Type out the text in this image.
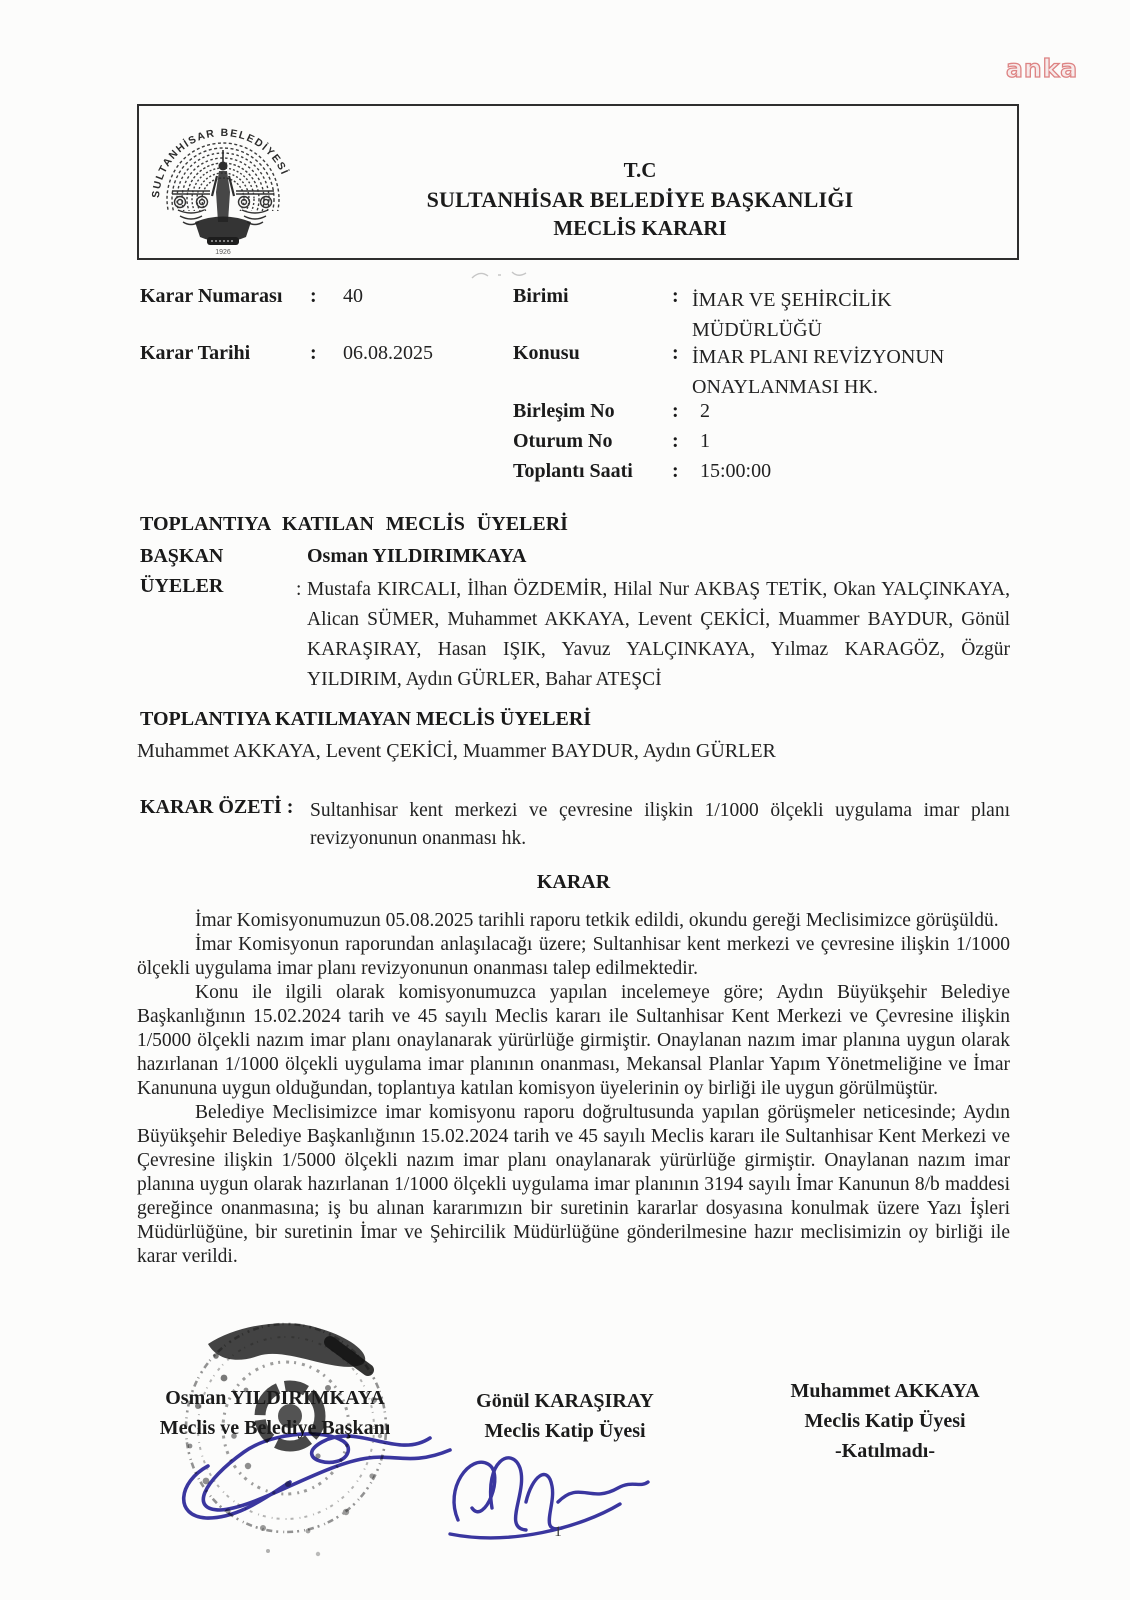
anka
SULTANHİSAR BELEDİYESİ
1926
T.C
SULTANHİSAR BELEDİYE BAŞKANLIĞI
MECLİS KARARI
Karar Numarası : 40
Karar Tarihi	: 06.08.2025
Birimi	: İMAR VE ŞEHİRCİLİK MÜDÜRLÜĞÜ
Konusu	: İMAR PLANI REVİZYONUN ONAYLANMASI HK.
Birleşim No	: 2
Oturum No	: 1
Toplantı Saati : 15:00:00
TOPLANTIYA KATILAN MECLİS ÜYELERİ
BAŞKAN	Osman YILDIRIMKAYA
ÜYELER	: Mustafa KIRCALI, İlhan ÖZDEMİR, Hilal Nur AKBAŞ TETİK, Okan YALÇINKAYA, Alican SÜMER, Muhammet AKKAYA, Levent ÇEKİCİ, Muammer BAYDUR, Gönül KARAŞIRAY, Hasan IŞIK, Yavuz YALÇINKAYA, Yılmaz KARAGÖZ, Özgür YILDIRIM, Aydın GÜRLER, Bahar ATEŞCİ
TOPLANTIYA KATILMAYAN MECLİS ÜYELERİ
Muhammet AKKAYA, Levent ÇEKİCİ, Muammer BAYDUR, Aydın GÜRLER
KARAR ÖZETİ : Sultanhisar kent merkezi ve çevresine ilişkin 1/1000 ölçekli uygulama imar planı revizyonunun onanması hk.
KARAR

İmar Komisyonumuzun 05.08.2025 tarihli raporu tetkik edildi, okundu gereği Meclisimizce görüşüldü.

İmar Komisyonun raporundan anlaşılacağı üzere; Sultanhisar kent merkezi ve çevresine ilişkin 1/1000 ölçekli uygulama imar planı revizyonunun onanması talep edilmektedir.

Konu ile ilgili olarak komisyonumuzca yapılan incelemeye göre; Aydın Büyükşehir Belediye Başkanlığının 15.02.2024 tarih ve 45 sayılı Meclis kararı ile Sultanhisar Kent Merkezi ve Çevresine ilişkin 1/5000 ölçekli nazım imar planı onaylanarak yürürlüğe girmiştir. Onaylanan nazım imar planına uygun olarak hazırlanan 1/1000 ölçekli uygulama imar planının onanması, Mekansal Planlar Yapım Yönetmeliğine ve İmar Kanununa uygun olduğundan, toplantıya katılan komisyon üyelerinin oy birliği ile uygun görülmüştür.

Belediye Meclisimizce imar komisyonu raporu doğrultusunda yapılan görüşmeler neticesinde; Aydın Büyükşehir Belediye Başkanlığının 15.02.2024 tarih ve 45 sayılı Meclis kararı ile Sultanhisar Kent Merkezi ve Çevresine ilişkin 1/5000 ölçekli nazım imar planı onaylanarak yürürlüğe girmiştir. Onaylanan nazım imar planına uygun olarak hazırlanan 1/1000 ölçekli uygulama imar planının 3194 sayılı İmar Kanunun 8/b maddesi gereğince onanmasına; iş bu alınan kararımızın bir suretinin kararlar dosyasına konulmak üzere Yazı İşleri Müdürlüğüne, bir suretinin İmar ve Şehircilik Müdürlüğüne gönderilmesine hazır meclisimizin oy birliği ile karar verildi.

Osman YILDIRIMKAYA
Meclis ve Belediye Başkanı
Gönül KARAŞIRAY
Meclis Katip Üyesi
Muhammet AKKAYA
Meclis Katip Üyesi
-Katılmadı-
1
